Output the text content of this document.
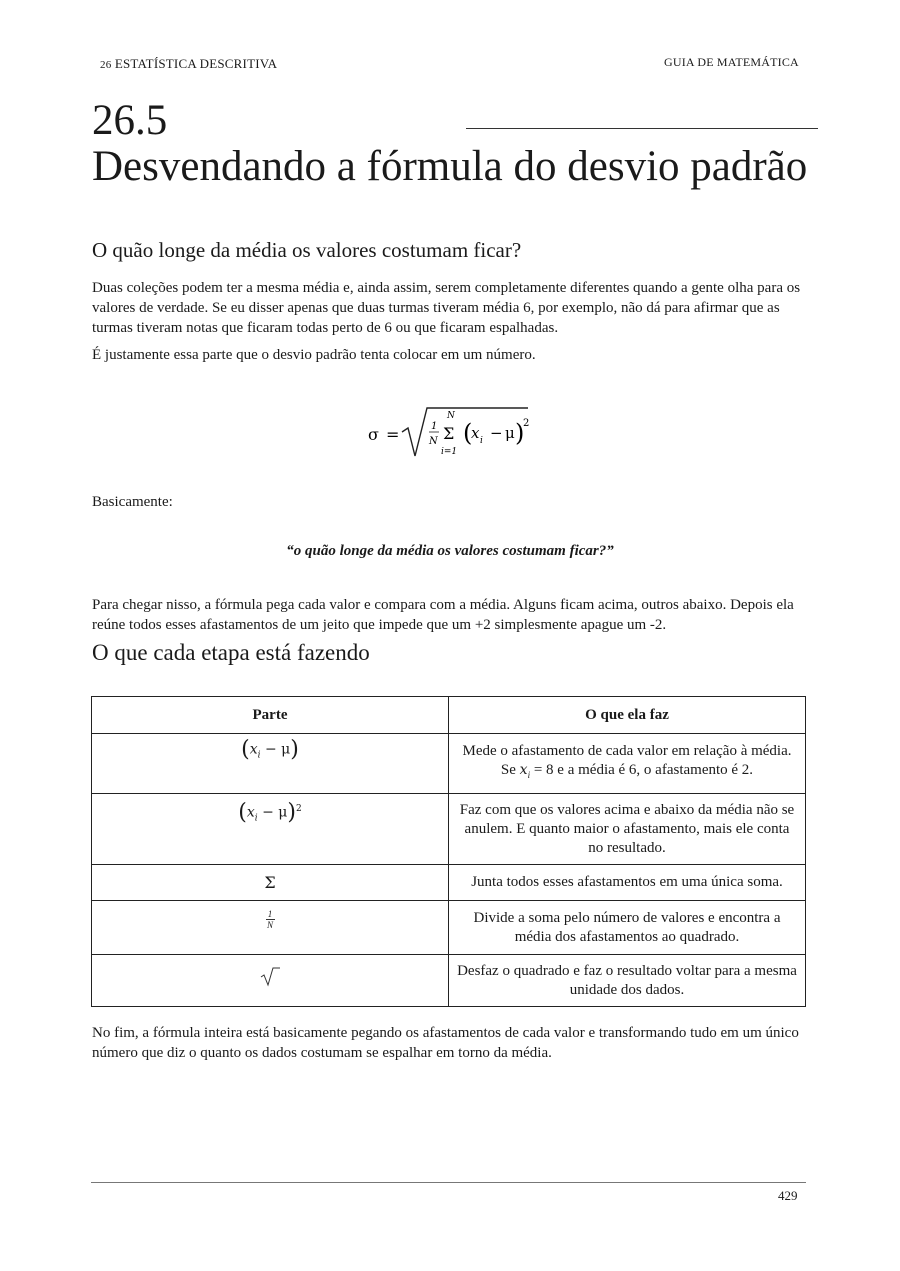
26 ESTATÍSTICA DESCRITIVA	GUIA DE MATEMÁTICA
26.5
Desvendando a fórmula do desvio padrão
O quão longe da média os valores costumam ficar?
Duas coleções podem ter a mesma média e, ainda assim, serem completamente diferentes quando a gente olha para os valores de verdade. Se eu disser apenas que duas turmas tiveram média 6, por exemplo, não dá para afirmar que as turmas tiveram notas que ficaram todas perto de 6 ou que ficaram espalhadas.
É justamente essa parte que o desvio padrão tenta colocar em um número.
σ =	1
N
N
Σ
i=1
(
x i − μ )
2
Basicamente:
“o quão longe da média os valores costumam ficar?”
Para chegar nisso, a fórmula pega cada valor e compara com a média. Alguns ficam acima, outros abaixo. Depois ela reúne todos esses afastamentos de um jeito que impede que um +2 simplesmente apague um -2.
O que cada etapa está fazendo
Parte	O que ela faz
$(x_i - \mu)$	Mede o afastamento de cada valor em relação à média. Se $x_i = 8$ e a média é 6, o afastamento é 2.
$(x_i - \mu)^2$	Faz com que os valores acima e abaixo da média não se anulem. E quanto maior o afastamento, mais ele conta no resultado.
Σ	Junta todos esses afastamentos em uma única soma.

$\frac{1}{N}$	Divide a soma pelo número de valores e encontra a média dos afastamentos ao quadrado.
	Desfaz o quadrado e faz o resultado voltar para a mesma unidade dos dados.
No fim, a fórmula inteira está basicamente pegando os afastamentos de cada valor e transformando tudo em um único número que diz o quanto os dados costumam se espalhar em torno da média.
429
